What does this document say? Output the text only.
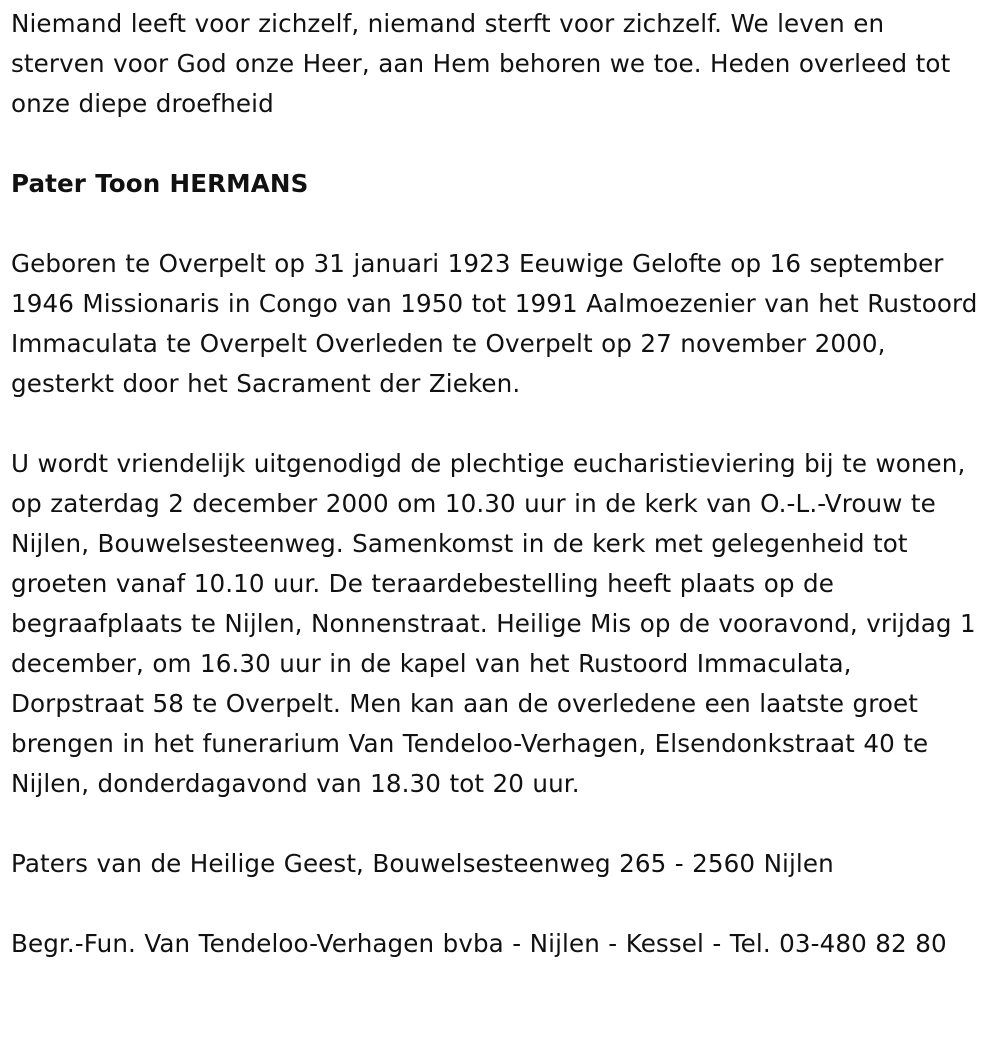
Niemand leeft voor zichzelf, niemand sterft voor zichzelf. We leven en sterven voor God onze Heer, aan Hem behoren we toe. Heden overleed tot onze diepe droefheid

Pater Toon HERMANS

Geboren te Overpelt op 31 januari 1923 Eeuwige Gelofte op 16 september 1946 Missionaris in Congo van 1950 tot 1991 Aalmoezenier van het Rustoord Immaculata te Overpelt Overleden te Overpelt op 27 november 2000, gesterkt door het Sacrament der Zieken.

U wordt vriendelijk uitgenodigd de plechtige eucharistieviering bij te wonen, op zaterdag 2 december 2000 om 10.30 uur in de kerk van O.-L.-Vrouw te Nijlen, Bouwelsesteenweg. Samenkomst in de kerk met gelegenheid tot groeten vanaf 10.10 uur. De teraardebestelling heeft plaats op de begraafplaats te Nijlen, Nonnenstraat. Heilige Mis op de vooravond, vrijdag 1 december, om 16.30 uur in de kapel van het Rustoord Immaculata, Dorpstraat 58 te Overpelt. Men kan aan de overledene een laatste groet brengen in het funerarium Van Tendeloo-Verhagen, Elsendonkstraat 40 te Nijlen, donderdagavond van 18.30 tot 20 uur.

Paters van de Heilige Geest, Bouwelsesteenweg 265 - 2560 Nijlen

Begr.-Fun. Van Tendeloo-Verhagen bvba - Nijlen - Kessel - Tel. 03-480 82 80
